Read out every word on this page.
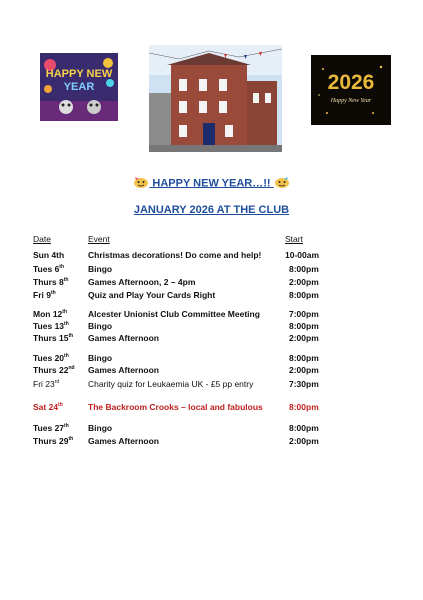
HAPPY NEW
YEAR	2026
Happy New Year
HAPPY NEW YEAR…!!
JANUARY 2026 AT THE CLUB
Date	Event	Start
Sun 4th	Christmas decorations! Do come and help!	10-00am
Tues 6th	Bingo	8:00pm
Thurs 8th Games Afternoon, 2 – 4pm	2:00pm
Fri 9th	Quiz and Play Your Cards Right	8:00pm
Mon 12th Alcester Unionist Club Committee Meeting	7:00pm
Tues 13th Bingo	8:00pm
Thurs 15th Games Afternoon	2:00pm
Tues 20th Bingo	8:00pm
Thurs 22nd Games Afternoon	2:00pm
Fri 23rd	Charity quiz for Leukaemia UK - £5 pp entry	7:30pm
Sat 24th	The Backroom Crooks – local and fabulous	8:00pm
Tues 27th Bingo	8:00pm
Thurs 29th Games Afternoon	2:00pm
